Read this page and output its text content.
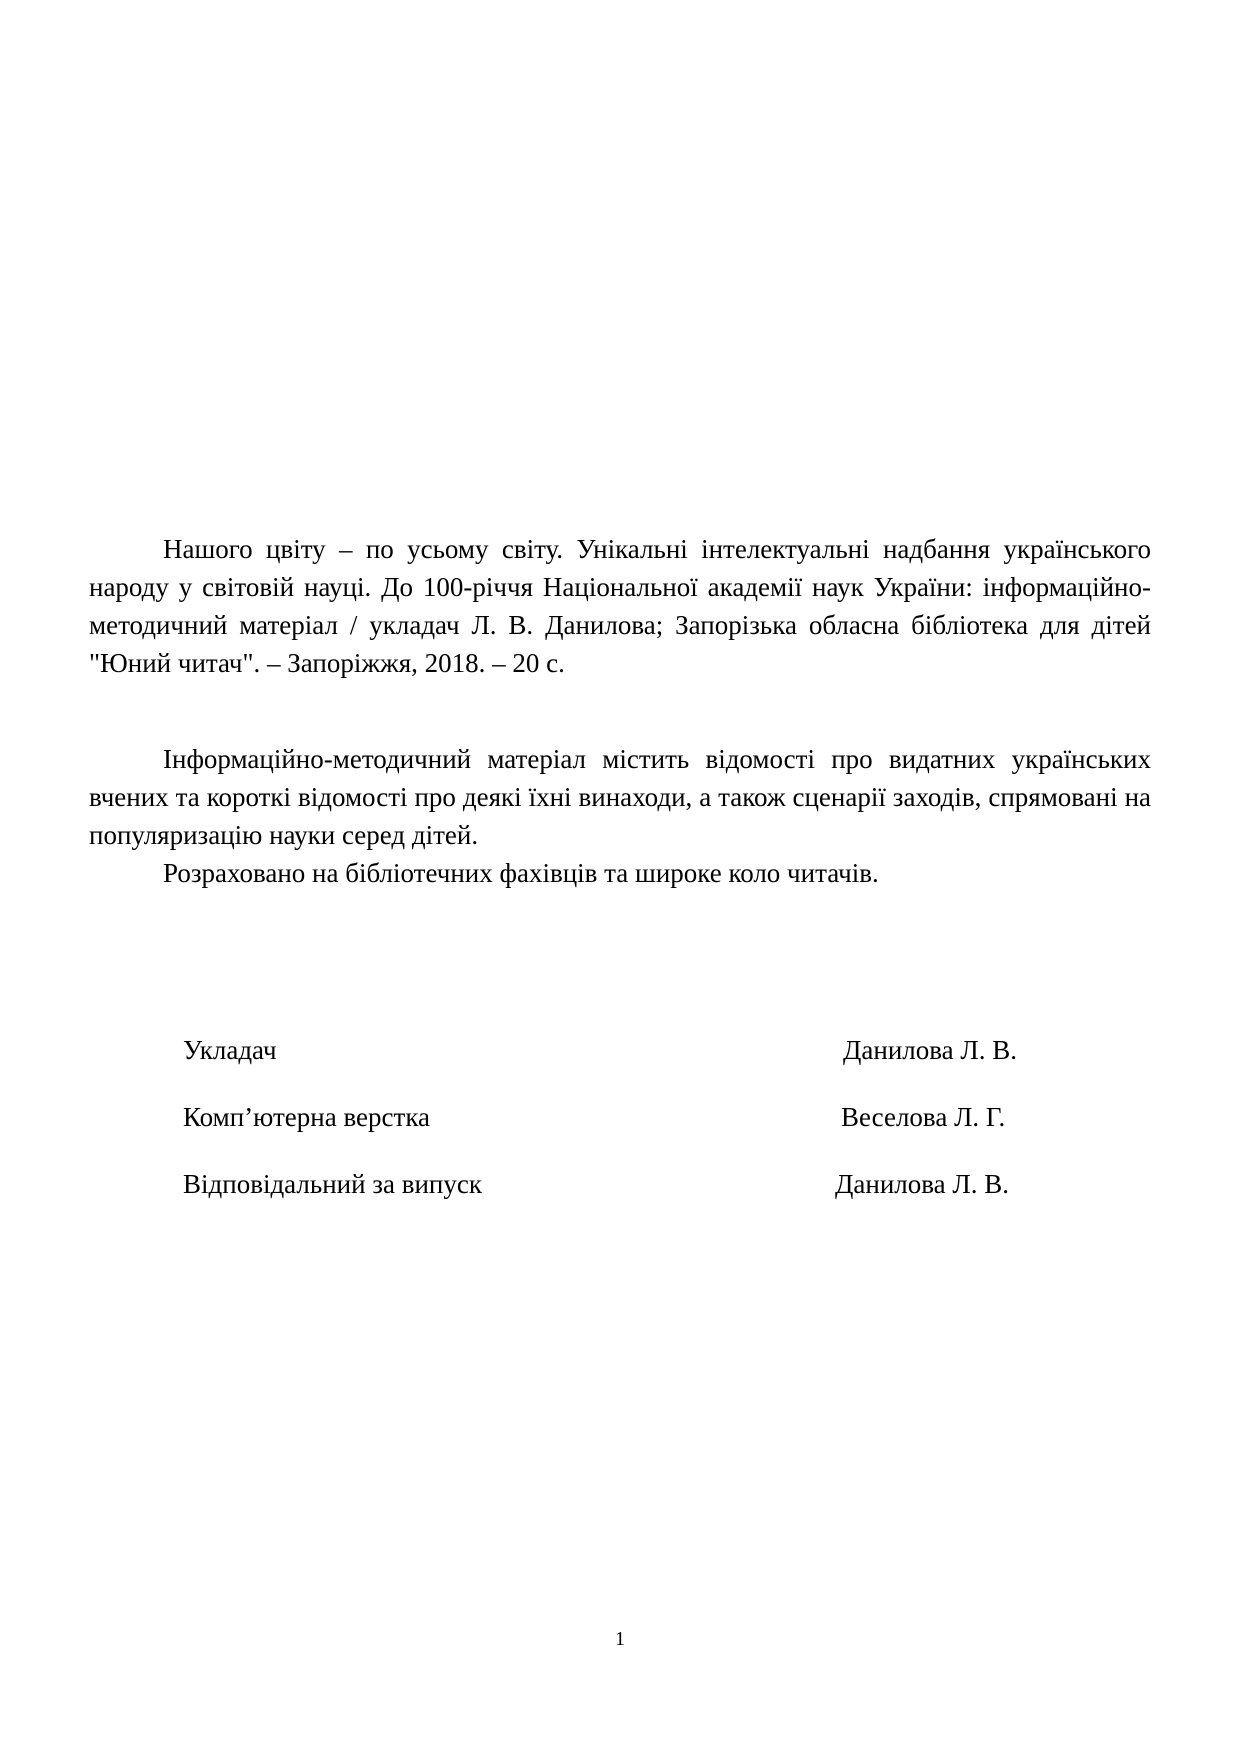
Нашого цвіту – по усьому світу. Унікальні інтелектуальні надбання українського народу у світовій науці. До 100-річчя Національної академії наук України: інформаційно-методичний матеріал / укладач Л. В. Данилова; Запорізька обласна бібліотека для дітей "Юний читач". – Запоріжжя, 2018. – 20 с.

Інформаційно-методичний матеріал містить відомості про видатних українських вчених та короткі відомості про деякі їхні винаходи, а також сценарії заходів, спрямовані на популяризацію науки серед дітей.

Розраховано на бібліотечних фахівців та широке коло читачів.

Укладач	Данилова Л. В.
Комп’ютерна верстка	Веселова Л. Г.
Відповідальний за випуск	Данилова Л. В.
1
